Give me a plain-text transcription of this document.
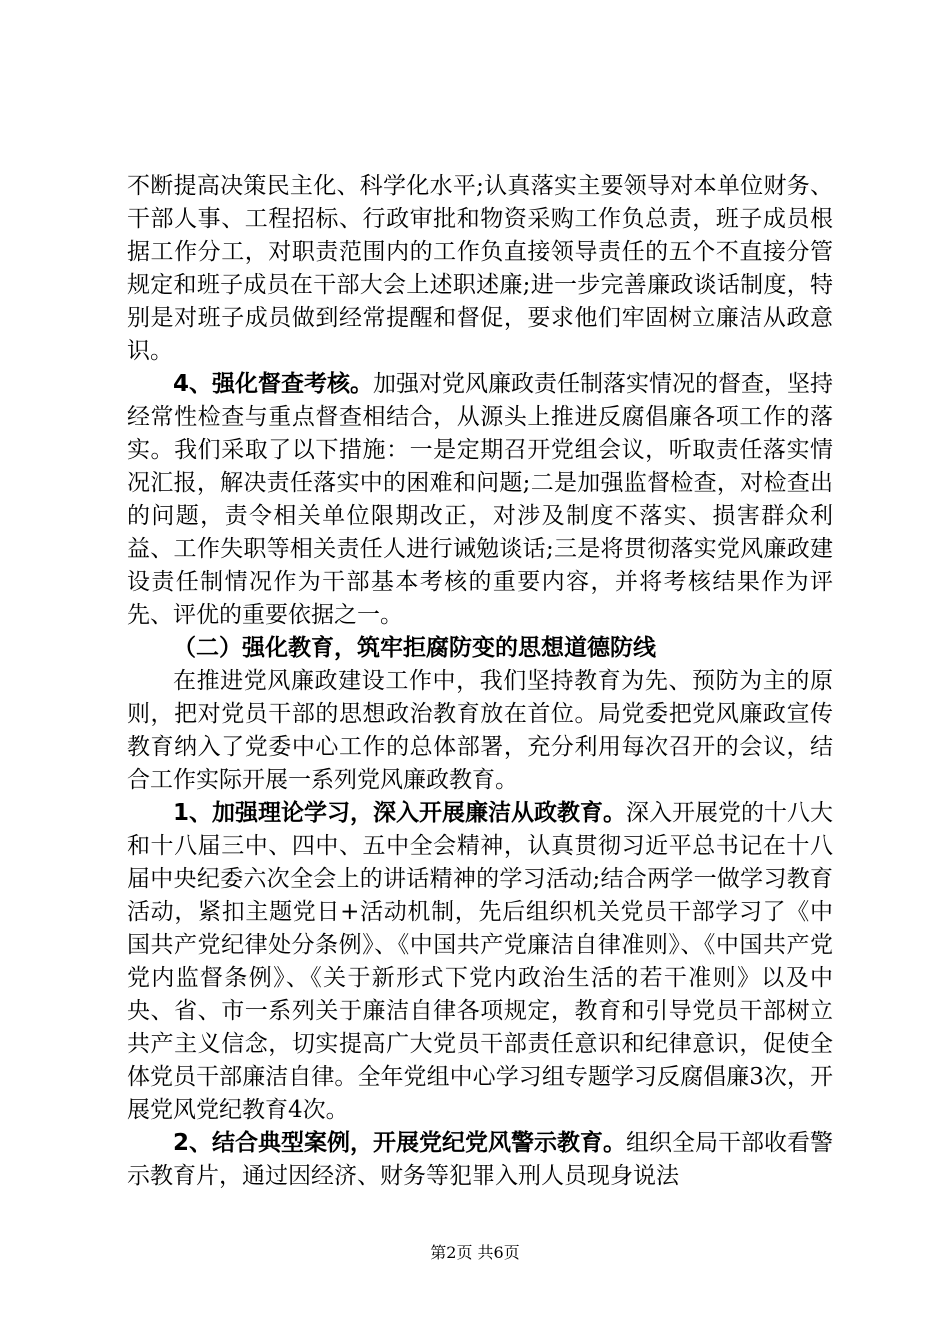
不断提高决策民主化、科学化水平;认真落实主要领导对本单位财务、干部人事、工程招标、行政审批和物资采购工作负总责，班子成员根据工作分工，对职责范围内的工作负直接领导责任的五个不直接分管规定和班子成员在干部大会上述职述廉;进一步完善廉政谈话制度，特别是对班子成员做到经常提醒和督促，要求他们牢固树立廉洁从政意识。

4、强化督查考核。加强对党风廉政责任制落实情况的督查，坚持经常性检查与重点督查相结合，从源头上推进反腐倡廉各项工作的落实。我们采取了以下措施：一是定期召开党组会议，听取责任落实情况汇报，解决责任落实中的困难和问题;二是加强监督检查，对检查出的问题，责令相关单位限期改正，对涉及制度不落实、损害群众利益、工作失职等相关责任人进行诫勉谈话;三是将贯彻落实党风廉政建设责任制情况作为干部基本考核的重要内容，并将考核结果作为评先、评优的重要依据之一。

（二）强化教育，筑牢拒腐防变的思想道德防线

在推进党风廉政建设工作中，我们坚持教育为先、预防为主的原则，把对党员干部的思想政治教育放在首位。局党委把党风廉政宣传教育纳入了党委中心工作的总体部署，充分利用每次召开的会议，结合工作实际开展一系列党风廉政教育。

1、加强理论学习，深入开展廉洁从政教育。深入开展党的十八大和十八届三中、四中、五中全会精神，认真贯彻习近平总书记在十八届中央纪委六次全会上的讲话精神的学习活动;结合两学一做学习教育活动，紧扣主题党日+活动机制，先后组织机关党员干部学习了《中国共产党纪律处分条例》、《中国共产党廉洁自律准则》、《中国共产党党内监督条例》、《关于新形式下党内政治生活的若干准则》以及中央、省、市一系列关于廉洁自律各项规定，教育和引导党员干部树立共产主义信念，切实提高广大党员干部责任意识和纪律意识，促使全体党员干部廉洁自律。全年党组中心学习组专题学习反腐倡廉3次，开展党风党纪教育4次。

2、结合典型案例，开展党纪党风警示教育。组织全局干部收看警示教育片，通过因经济、财务等犯罪入刑人员现身说法

第2页 共6页
